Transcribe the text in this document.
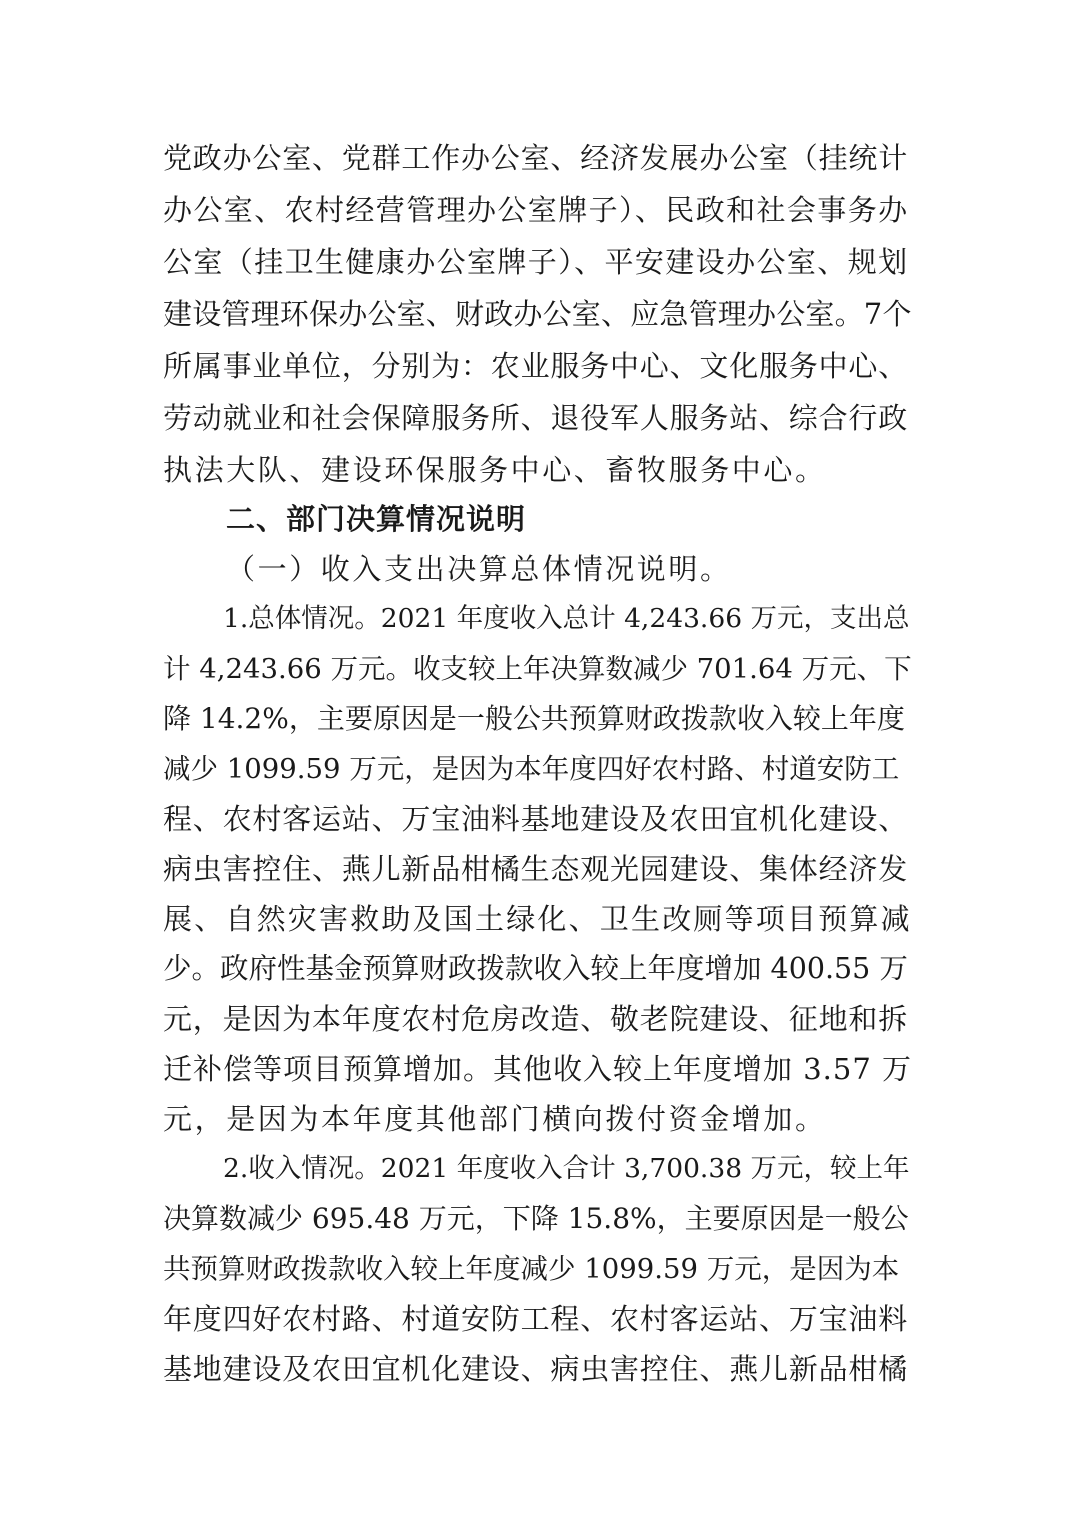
党政办公室、党群工作办公室、经济发展办公室（挂统计
办公室、农村经营管理办公室牌子）、民政和社会事务办
公室（挂卫生健康办公室牌子）、平安建设办公室、规划
建设管理环保办公室、财政办公室、应急管理办公室。7个
所属事业单位，分别为：农业服务中心、文化服务中心、
劳动就业和社会保障服务所、退役军人服务站、综合行政
执法大队、建设环保服务中心、畜牧服务中心。
二、部门决算情况说明
（一）收入支出决算总体情况说明。
1.总体情况。2021 年度收入总计 4,243.66 万元，支出总
计 4,243.66 万元。收支较上年决算数减少 701.64 万元、下
降 14.2%，主要原因是一般公共预算财政拨款收入较上年度
减少 1099.59 万元，是因为本年度四好农村路、村道安防工
程、农村客运站、万宝油料基地建设及农田宜机化建设、
病虫害控住、燕儿新品柑橘生态观光园建设、集体经济发
展、自然灾害救助及国土绿化、卫生改厕等项目预算减
少。政府性基金预算财政拨款收入较上年度增加 400.55 万
元，是因为本年度农村危房改造、敬老院建设、征地和拆
迁补偿等项目预算增加。其他收入较上年度增加 3.57 万
元，是因为本年度其他部门横向拨付资金增加。
2.收入情况。2021 年度收入合计 3,700.38 万元，较上年
决算数减少 695.48 万元，下降 15.8%，主要原因是一般公
共预算财政拨款收入较上年度减少 1099.59 万元，是因为本
年度四好农村路、村道安防工程、农村客运站、万宝油料
基地建设及农田宜机化建设、病虫害控住、燕儿新品柑橘
